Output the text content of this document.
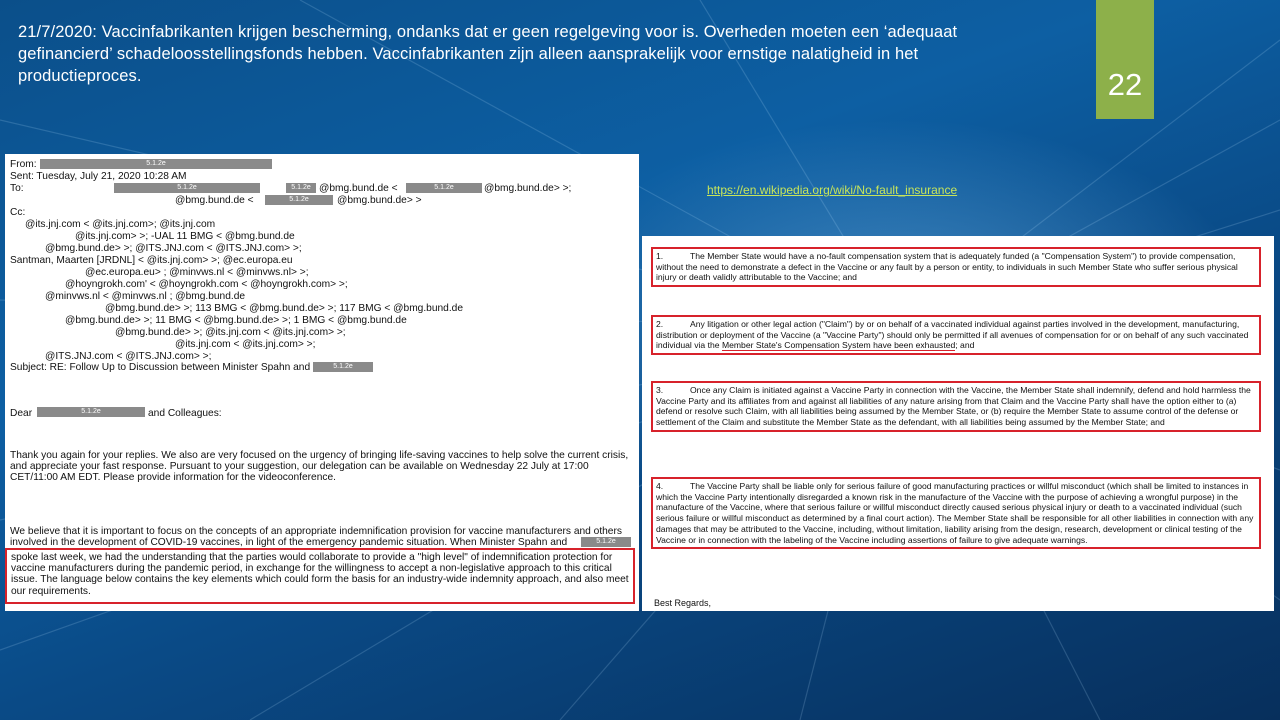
21/7/2020: Vaccinfabrikanten krijgen bescherming, ondanks dat er geen regelgeving voor is. Overheden moeten een ‘adequaat gefinancierd’ schadeloosstellingsfonds hebben. Vaccinfabrikanten zijn alleen aansprakelijk voor ernstige nalatigheid in het productieproces.	22
https://en.wikipedia.org/wiki/No-fault_insurance
From:	5.1.2e
Sent: Tuesday, July 21, 2020 10:28 AM
To:	5.1.2e	5.1.2e @bmg.bund.de <	5.1.2e	@bmg.bund.de> >;
@bmg.bund.de <	5.1.2e	@bmg.bund.de> >
Cc:
@its.jnj.com < @its.jnj.com>; @its.jnj.com
@its.jnj.com> >; -UAL 11 BMG < @bmg.bund.de
@bmg.bund.de> >; @ITS.JNJ.com < @ITS.JNJ.com> >;
Santman, Maarten [JRDNL] < @its.jnj.com> >; @ec.europa.eu
@ec.europa.eu> ; @minvws.nl < @minvws.nl> >;
@hoyngrokh.com' < @hoyngrokh.com < @hoyngrokh.com> >;
@minvws.nl < @minvws.nl ; @bmg.bund.de
@bmg.bund.de> >; 113 BMG < @bmg.bund.de> >; 117 BMG < @bmg.bund.de
@bmg.bund.de> >; 11 BMG < @bmg.bund.de> >; 1 BMG < @bmg.bund.de
@bmg.bund.de> >; @its.jnj.com < @its.jnj.com> >;
@its.jnj.com < @its.jnj.com> >;
@ITS.JNJ.com < @ITS.JNJ.com> >;
Subject: RE: Follow Up to Discussion between Minister Spahn and	5.1.2e
Dear	5.1.2e	and Colleagues:
Thank you again for your replies. We also are very focused on the urgency of bringing life-saving vaccines to help solve the current crisis, and appreciate your fast response. Pursuant to your suggestion, our delegation can be available on Wednesday 22 July at 17:00 CET/11:00 AM EDT. Please provide information for the videoconference.
We believe that it is important to focus on the concepts of an appropriate indemnification provision for vaccine manufacturers and others involved in the development of COVID-19 vaccines, in light of the emergency pandemic situation. When Minister Spahn and	5.1.2e
spoke last week, we had the understanding that the parties would collaborate to provide a "high level" of indemnification protection for vaccine manufacturers during the pandemic period, in exchange for the willingness to accept a non-legislative approach to this critical issue. The language below contains the key elements which could form the basis for an industry-wide indemnity approach, and also meet our requirements.
1.	The Member State would have a no-fault compensation system that is adequately funded (a "Compensation System") to provide compensation, without the need to demonstrate a defect in the Vaccine or any fault by a person or entity, to individuals in such Member State who suffer serious physical injury or death validly attributable to the Vaccine; and
2.	Any litigation or other legal action ("Claim") by or on behalf of a vaccinated individual against parties involved in the development, manufacturing, distribution or deployment of the Vaccine (a "Vaccine Party") should only be permitted if all avenues of compensation for or on behalf of any such vaccinated individual via the Member State's Compensation System have been exhausted; and
3.	Once any Claim is initiated against a Vaccine Party in connection with the Vaccine, the Member State shall indemnify, defend and hold harmless the Vaccine Party and its affiliates from and against all liabilities of any nature arising from that Claim and the Vaccine Party shall have the option either to (a) defend or resolve such Claim, with all liabilities being assumed by the Member State, or (b) require the Member State to assume control of the defense or settlement of the Claim and substitute the Member State as the defendant, with all liabilities being assumed by the Member State; and
4.	The Vaccine Party shall be liable only for serious failure of good manufacturing practices or willful misconduct (which shall be limited to instances in which the Vaccine Party intentionally disregarded a known risk in the manufacture of the Vaccine with the purpose of achieving a wrongful purpose) in the manufacture of the Vaccine, where that serious failure or willful misconduct directly caused serious physical injury or death to a vaccinated individual (such serious failure or willful misconduct as determined by a final court action). The Member State shall be responsible for all other liabilities in connection with any damages that may be attributed to the Vaccine, including, without limitation, liability arising from the design, research, development or clinical testing of the Vaccine or in connection with the labeling of the Vaccine including assertions of failure to give adequate warnings.
Best Regards,
